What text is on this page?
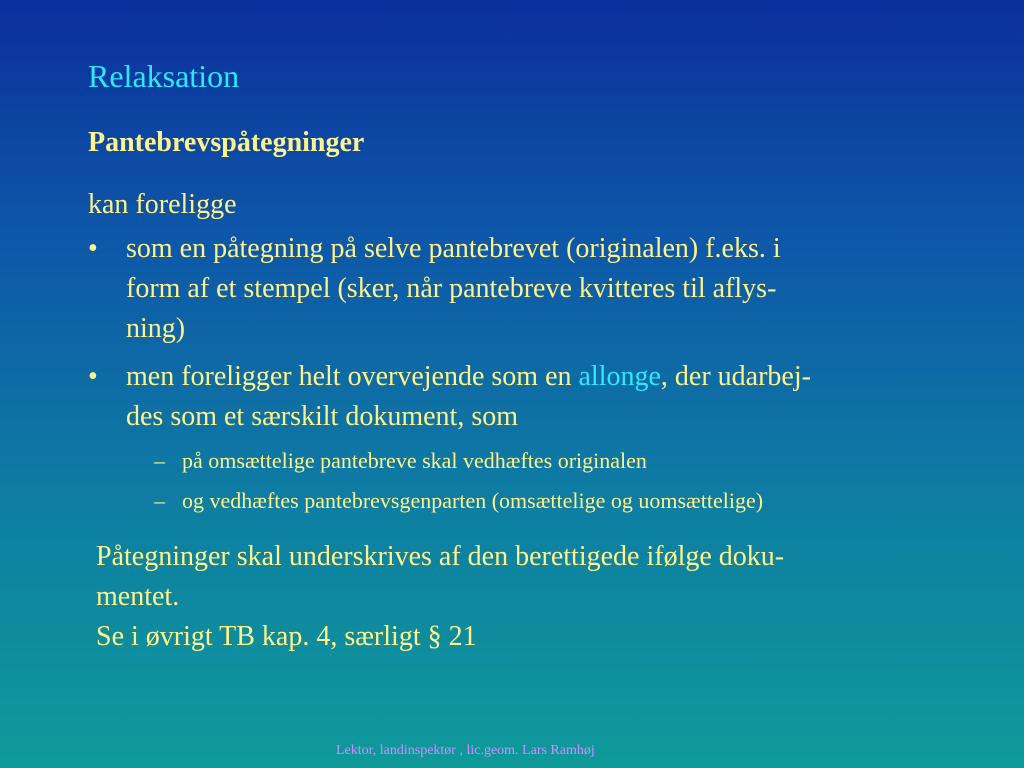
Relaksation
Pantebrevspåtegninger
kan foreligge
• som en påtegning på selve pantebrevet (originalen) f.eks. i
form af et stempel (sker, når pantebreve kvitteres til aflys-
ning)
• men foreligger helt overvejende som en allonge, der udarbej-
des som et særskilt dokument, som
– på omsættelige pantebreve skal vedhæftes originalen
– og vedhæftes pantebrevsgenparten (omsættelige og uomsættelige)
Påtegninger skal underskrives af den berettigede ifølge doku-
mentet.
Se i øvrigt TB kap. 4, særligt § 21
Lektor, landinspektør , lic.geom. Lars Ramhøj
